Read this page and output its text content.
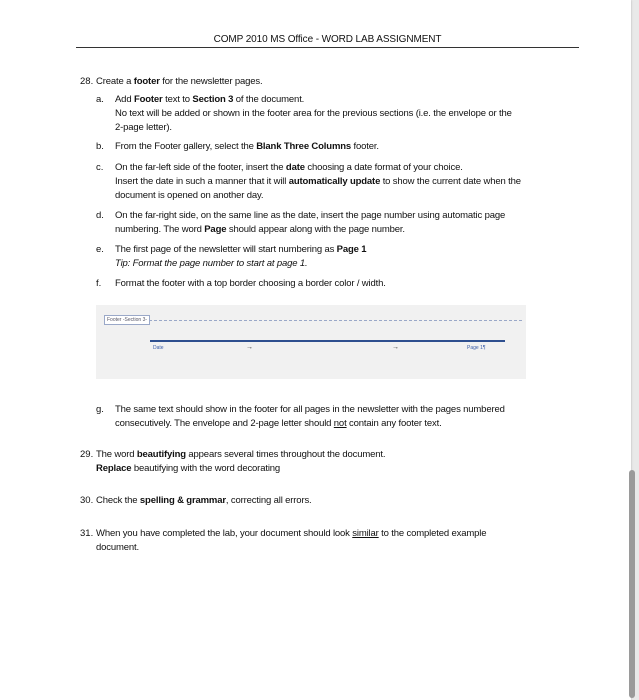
COMP 2010 MS Office - WORD LAB ASSIGNMENT
28. Create a footer for the newsletter pages.
a. Add Footer text to Section 3 of the document.
No text will be added or shown in the footer area for the previous sections (i.e. the envelope or the
2-page letter).
b. From the Footer gallery, select the Blank Three Columns footer.
c. On the far-left side of the footer, insert the date choosing a date format of your choice.
Insert the date in such a manner that it will automatically update to show the current date when the
document is opened on another day.
d. On the far-right side, on the same line as the date, insert the page number using automatic page
numbering. The word Page should appear along with the page number.
e. The first page of the newsletter will start numbering as Page 1
Tip: Format the page number to start at page 1.
f. Format the footer with a top border choosing a border color / width.
Footer -Section 3-
Date	→	→	Page 1¶
g. The same text should show in the footer for all pages in the newsletter with the pages numbered
consecutively. The envelope and 2-page letter should not contain any footer text.
29. The word beautifying appears several times throughout the document.
Replace beautifying with the word decorating
30. Check the spelling & grammar, correcting all errors.
31. When you have completed the lab, your document should look similar to the completed example
document.
